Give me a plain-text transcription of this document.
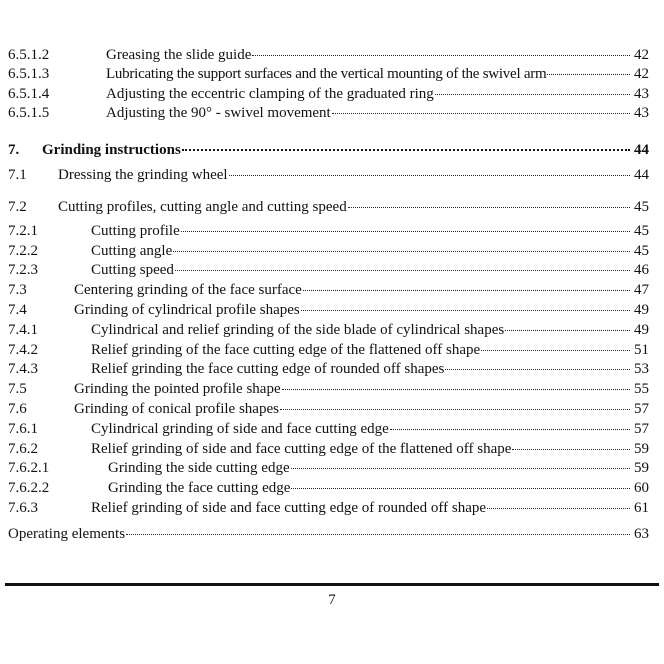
6.5.1.2	Greasing the slide guide	42
6.5.1.3	Lubricating the support surfaces and the vertical mounting of the swivel arm	42
6.5.1.4	Adjusting the eccentric clamping of the graduated ring	43
6.5.1.5	Adjusting the 90° - swivel movement	43
7. Grinding instructions	44
7.1 Dressing the grinding wheel	44
7.2 Cutting profiles, cutting angle and cutting speed	45
7.2.1	Cutting profile	45
7.2.2	Cutting angle	45
7.2.3	Cutting speed	46
7.3	Centering grinding of the face surface	47
7.4	Grinding of cylindrical profile shapes	49
7.4.1	Cylindrical and relief grinding of the side blade of cylindrical shapes	49
7.4.2	Relief grinding of the face cutting edge of the flattened off shape	51
7.4.3	Relief grinding the face cutting edge of rounded off shapes	53
7.5	Grinding the pointed profile shape	55
7.6	Grinding of conical profile shapes	57
7.6.1	Cylindrical grinding of side and face cutting edge	57
7.6.2	Relief grinding of side and face cutting edge of the flattened off shape	59
7.6.2.1	Grinding the side cutting edge	59
7.6.2.2	Grinding the face cutting edge	60
7.6.3	Relief grinding of side and face cutting edge of rounded off shape	61
Operating elements	63
7
